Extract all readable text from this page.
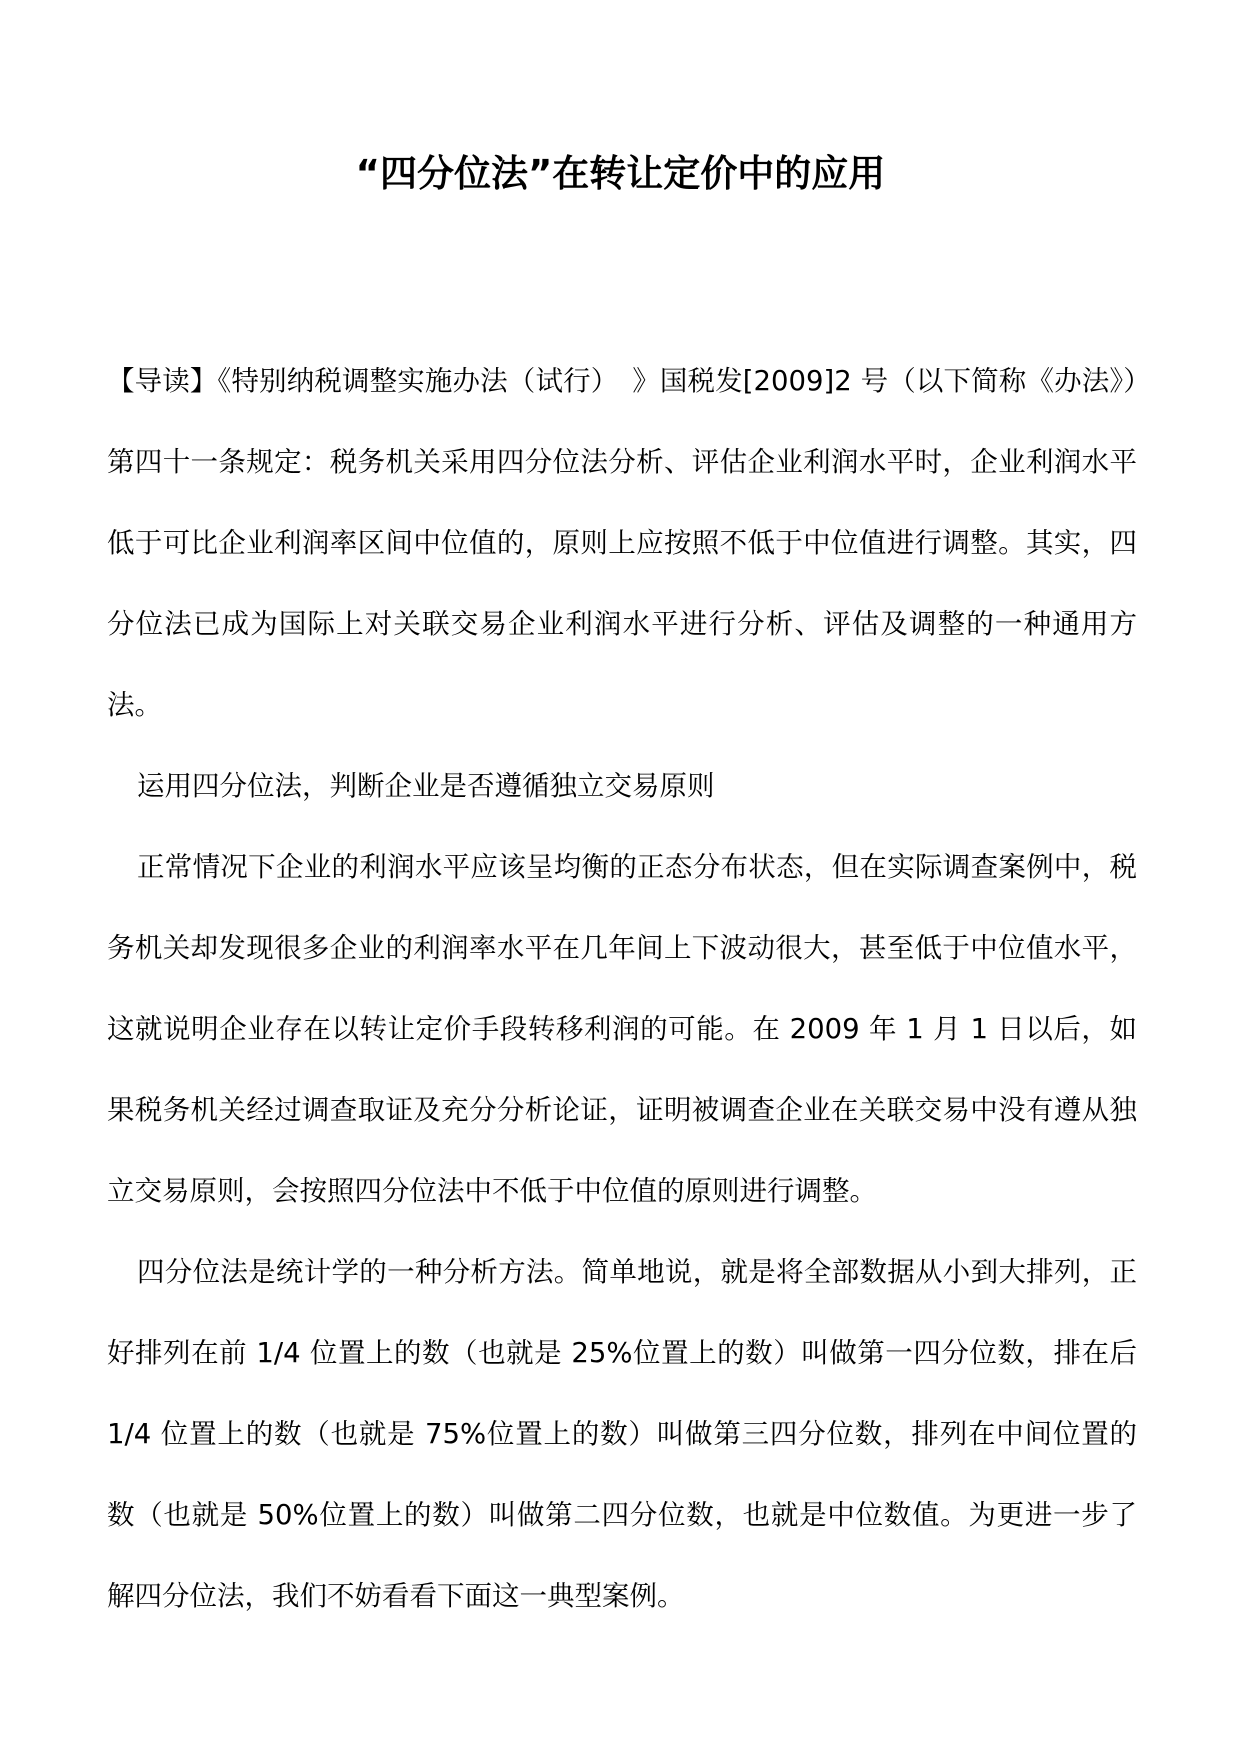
“四分位法”在转让定价中的应用

【导读】《特别纳税调整实施办法（试行）　》国税发[2009]2 号（以下简称《办法》）第四十一条规定：税务机关采用四分位法分析、评估企业利润水平时，企业利润水平低于可比企业利润率区间中位值的，原则上应按照不低于中位值进行调整。其实，四分位法已成为国际上对关联交易企业利润水平进行分析、评估及调整的一种通用方法。

运用四分位法，判断企业是否遵循独立交易原则

正常情况下企业的利润水平应该呈均衡的正态分布状态，但在实际调查案例中，税务机关却发现很多企业的利润率水平在几年间上下波动很大，甚至低于中位值水平，这就说明企业存在以转让定价手段转移利润的可能。在 2009 年 1 月 1 日以后，如果税务机关经过调查取证及充分分析论证，证明被调查企业在关联交易中没有遵从独立交易原则，会按照四分位法中不低于中位值的原则进行调整。

四分位法是统计学的一种分析方法。简单地说，就是将全部数据从小到大排列，正好排列在前 1/4 位置上的数（也就是 25%位置上的数）叫做第一四分位数，排在后 1/4 位置上的数（也就是 75%位置上的数）叫做第三四分位数，排列在中间位置的数（也就是 50%位置上的数）叫做第二四分位数，也就是中位数值。为更进一步了解四分位法，我们不妨看看下面这一典型案例。
